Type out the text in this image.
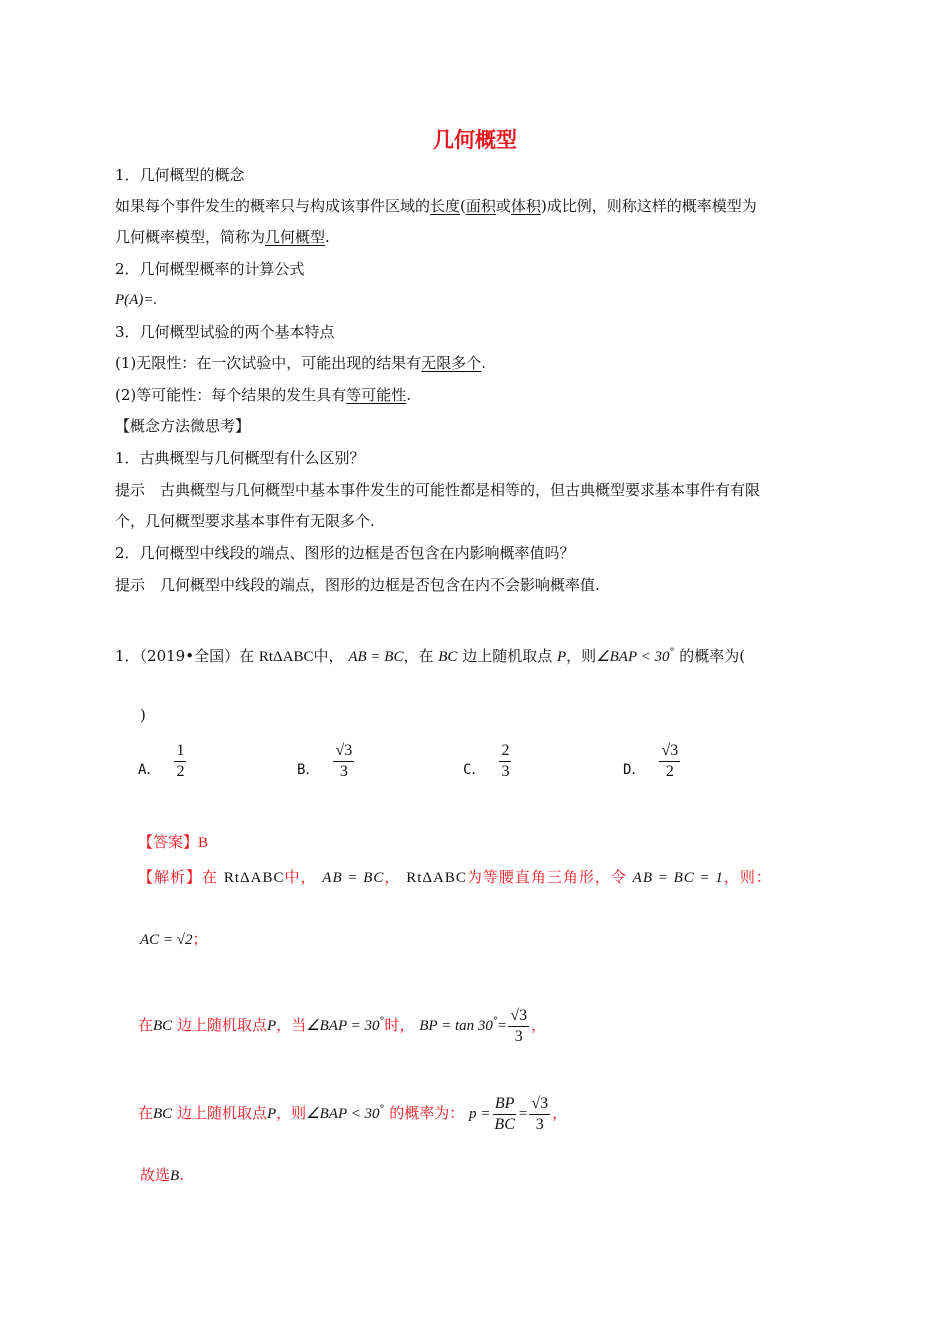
几何概型
1．几何概型的概念
如果每个事件发生的概率只与构成该事件区域的长度(面积或体积)成比例，则称这样的概率模型为
几何概率模型，简称为几何概型.
2．几何概型概率的计算公式
P(A)=.
3．几何概型试验的两个基本特点
(1)无限性：在一次试验中，可能出现的结果有无限多个.
(2)等可能性：每个结果的发生具有等可能性.
【概念方法微思考】
1．古典概型与几何概型有什么区别？
提示　古典概型与几何概型中基本事件发生的可能性都是相等的，但古典概型要求基本事件有有限
个，几何概型要求基本事件有无限多个.
2．几何概型中线段的端点、图形的边框是否包含在内影响概率值吗？
提示　几何概型中线段的端点，图形的边框是否包含在内不会影响概率值.
1．（2019•全国）在 RtΔABC中， AB = BC，在 BC 边上随机取点 P，则∠BAP < 30° 的概率为(
)
A． $\frac{1}{2}$	B． $\frac{√3}{3}$	C． $\frac{2}{3}$	D． $\frac{√3}{2}$
【答案】B
【解析】在 RtΔABC中， AB = BC， RtΔABC为等腰直角三角形，令 AB = BC = 1，则：
AC = √2；
在BC 边上随机取点P，当∠BAP = 30°时， BP = $\tan 30^\circ= \frac{√3}{3}$ ，
在BC 边上随机取点P，则∠BAP < 30° 的概率为： $p = \frac{BP}{BC} = \frac{√3}{3}$ ，
故选B.
